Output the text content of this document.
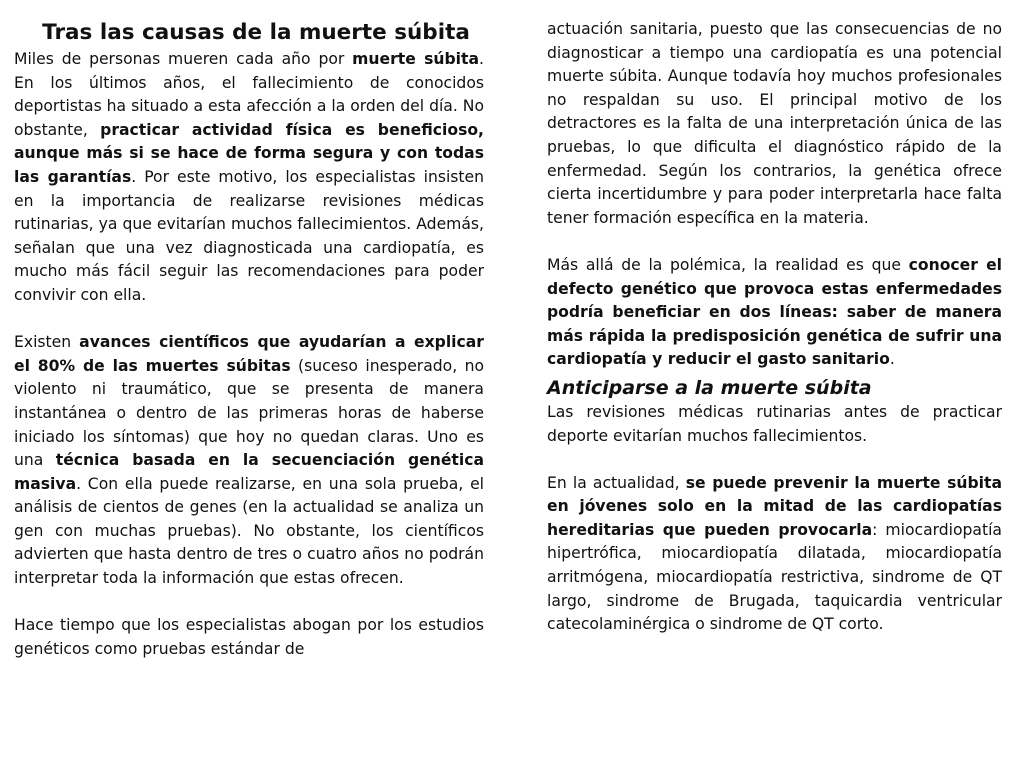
Tras las causas de la muerte súbita

Miles de personas mueren cada año por muerte súbita. En los últimos años, el fallecimiento de conocidos deportistas ha situado a esta afección a la orden del día. No obstante, practicar actividad física es beneficioso, aunque más si se hace de forma segura y con todas las garantías. Por este motivo, los especialistas insisten en la importancia de realizarse revisiones médicas rutinarias, ya que evitarían muchos fallecimientos. Además, señalan que una vez diagnosticada una cardiopatía, es mucho más fácil seguir las recomendaciones para poder convivir con ella.

Existen avances científicos que ayudarían a explicar el 80% de las muertes súbitas (suceso inesperado, no violento ni traumático, que se presenta de manera instantánea o dentro de las primeras horas de haberse iniciado los síntomas) que hoy no quedan claras. Uno es una técnica basada en la secuenciación genética masiva. Con ella puede realizarse, en una sola prueba, el análisis de cientos de genes (en la actualidad se analiza un gen con muchas pruebas). No obstante, los científicos advierten que hasta dentro de tres o cuatro años no podrán interpretar toda la información que estas ofrecen.

Hace tiempo que los especialistas abogan por los estudios genéticos como pruebas estándar de

actuación sanitaria, puesto que las consecuencias de no diagnosticar a tiempo una cardiopatía es una potencial muerte súbita. Aunque todavía hoy muchos profesionales no respaldan su uso. El principal motivo de los detractores es la falta de una interpretación única de las pruebas, lo que dificulta el diagnóstico rápido de la enfermedad. Según los contrarios, la genética ofrece cierta incertidumbre y para poder interpretarla hace falta tener formación específica en la materia.

Más allá de la polémica, la realidad es que conocer el defecto genético que provoca estas enfermedades podría beneficiar en dos líneas: saber de manera más rápida la predisposición genética de sufrir una cardiopatía y reducir el gasto sanitario.

Anticiparse a la muerte súbita

Las revisiones médicas rutinarias antes de practicar deporte evitarían muchos fallecimientos.

En la actualidad, se puede prevenir la muerte súbita en jóvenes solo en la mitad de las cardiopatías hereditarias que pueden provocarla: miocardiopatía hipertrófica, miocardiopatía dilatada, miocardiopatía arritmógena, miocardiopatía restrictiva, sindrome de QT largo, sindrome de Brugada, taquicardia ventricular catecolaminérgica o sindrome de QT corto.
